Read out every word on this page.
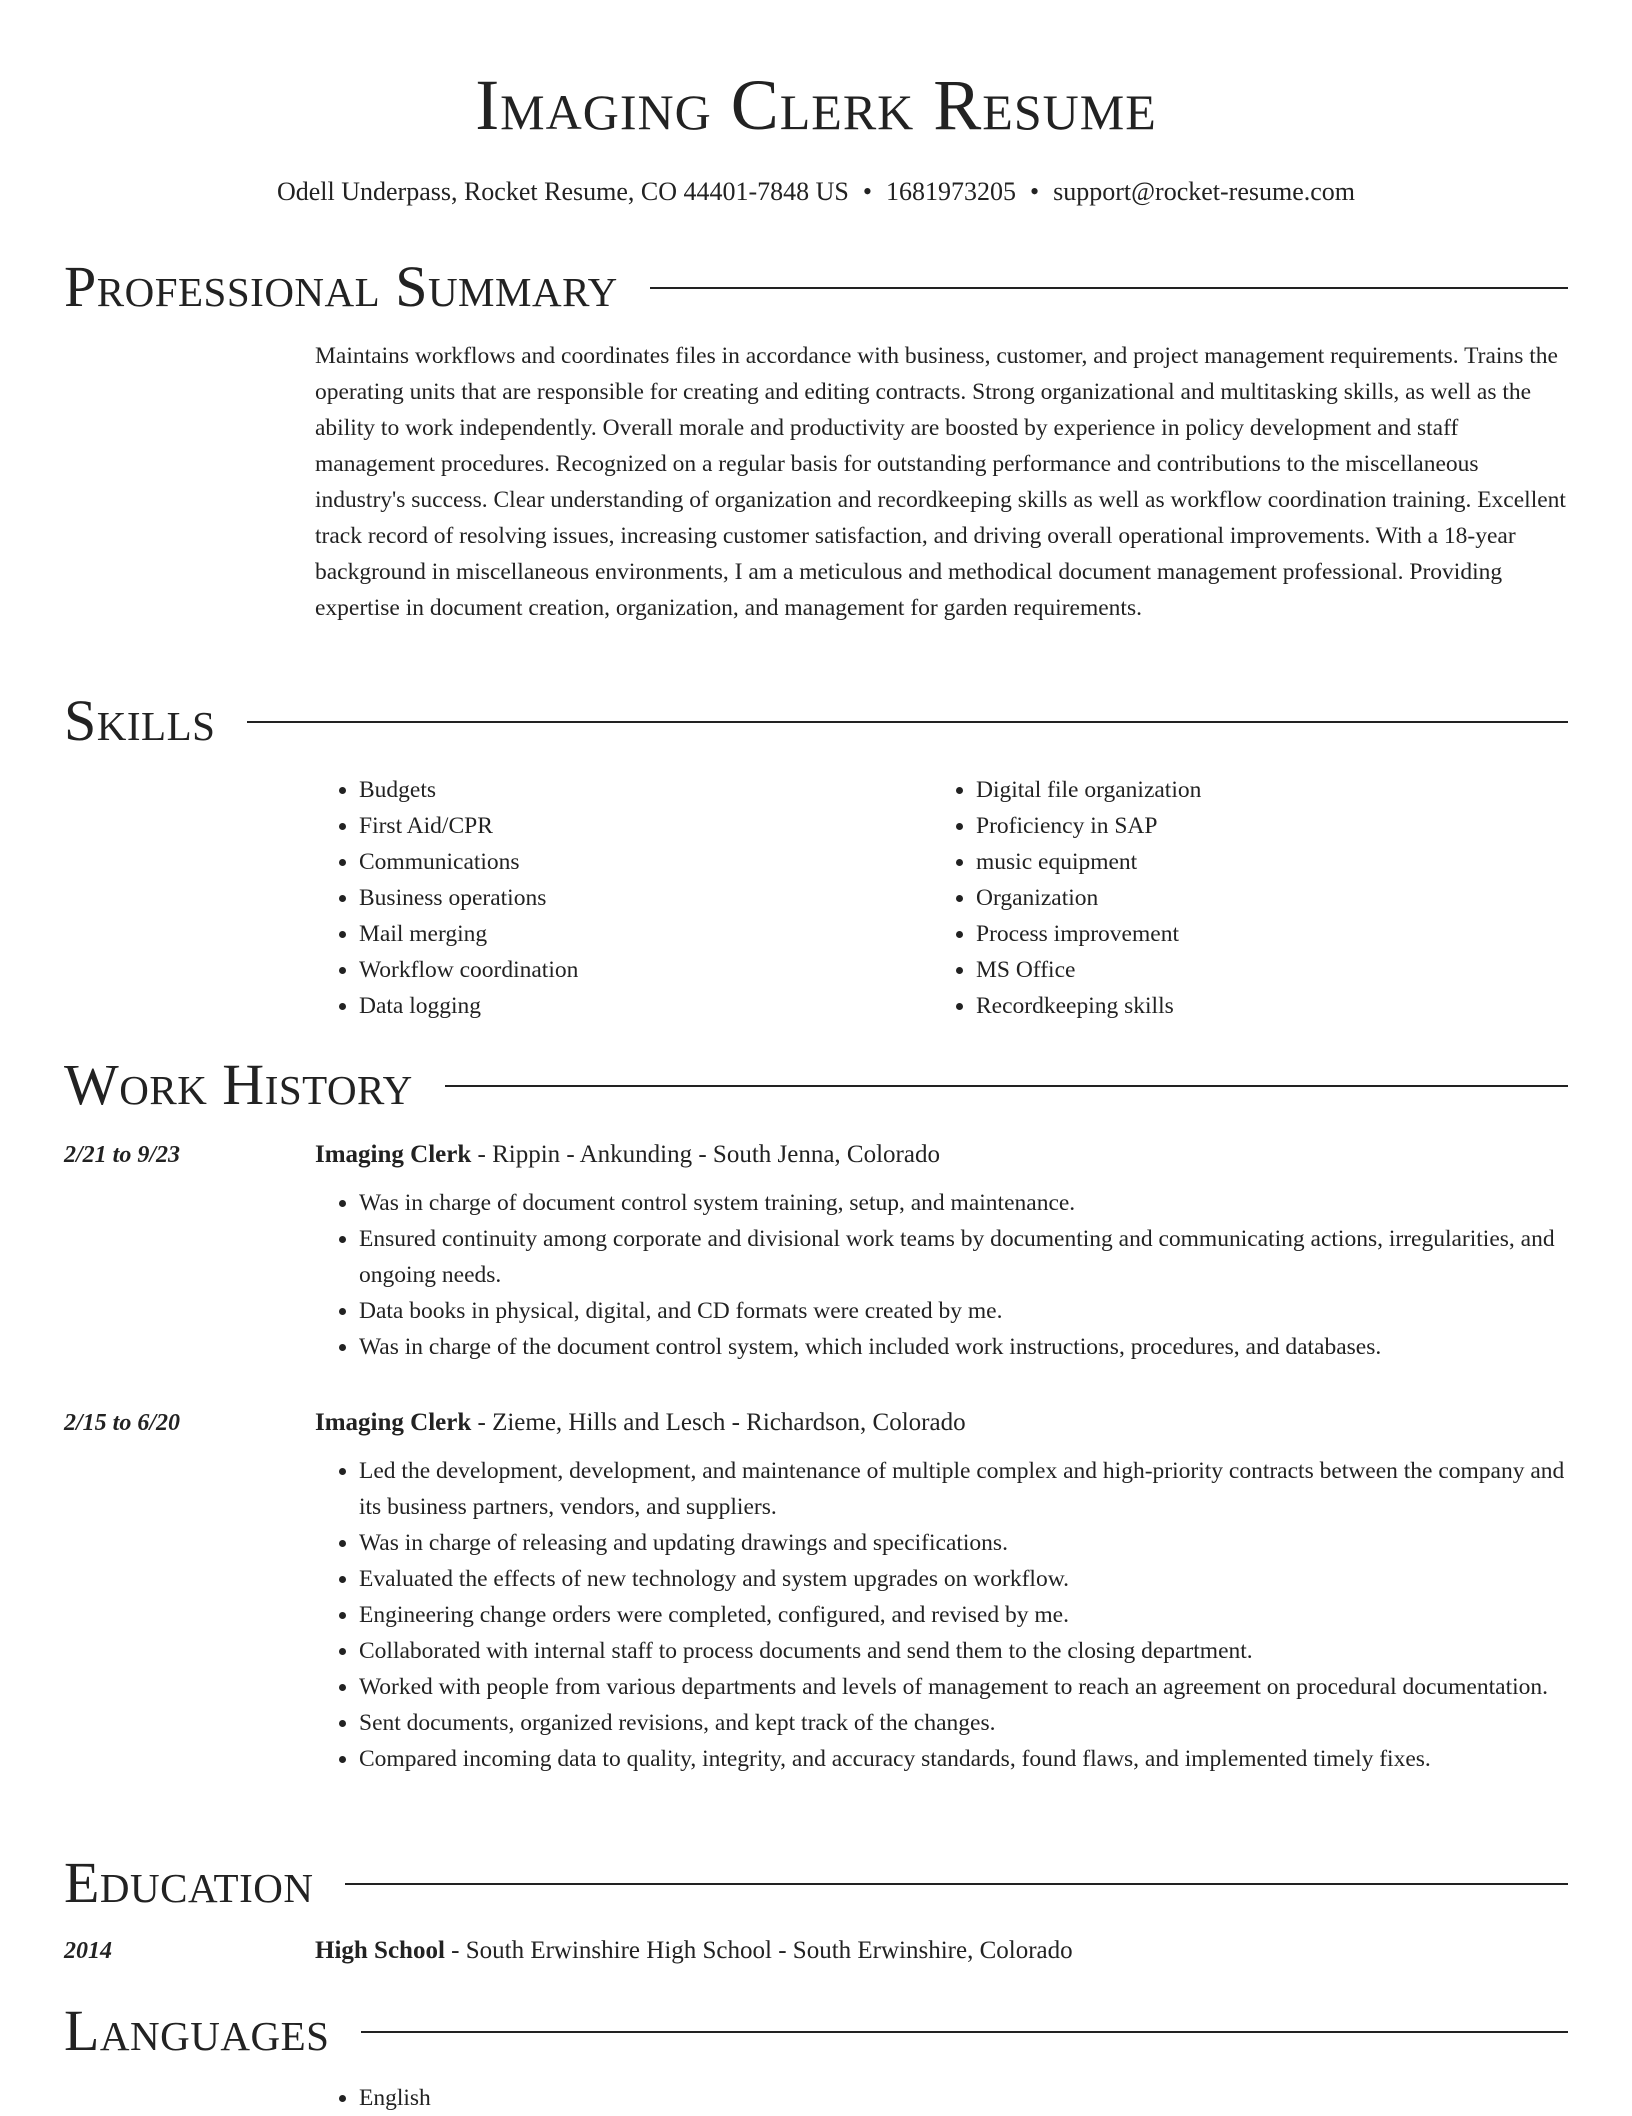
Imaging Clerk Resume
Odell Underpass, Rocket Resume, CO 44401-7848 US • 1681973205 • support@rocket-resume.com
Professional Summary

Maintains workflows and coordinates files in accordance with business, customer, and project management requirements. Trains the operating units that are responsible for creating and editing contracts. Strong organizational and multitasking skills, as well as the ability to work independently. Overall morale and productivity are boosted by experience in policy development and staff management procedures. Recognized on a regular basis for outstanding performance and contributions to the miscellaneous industry's success. Clear understanding of organization and recordkeeping skills as well as workflow coordination training. Excellent track record of resolving issues, increasing customer satisfaction, and driving overall operational improvements. With a 18-year background in miscellaneous environments, I am a meticulous and methodical document management professional. Providing expertise in document creation, organization, and management for garden requirements.

Skills
• Budgets
• First Aid/CPR
• Communications
• Business operations
• Mail merging
• Workflow coordination
• Data logging
• Digital file organization
• Proficiency in SAP
• music equipment
• Organization
• Process improvement
• MS Office
• Recordkeeping skills
Work History
2/21 to 9/23	Imaging Clerk - Rippin - Ankunding - South Jenna, Colorado
• Was in charge of document control system training, setup, and maintenance.
• Ensured continuity among corporate and divisional work teams by documenting and communicating actions, irregularities, and ongoing needs.
• Data books in physical, digital, and CD formats were created by me.
• Was in charge of the document control system, which included work instructions, procedures, and databases.
2/15 to 6/20	Imaging Clerk - Zieme, Hills and Lesch - Richardson, Colorado
• Led the development, development, and maintenance of multiple complex and high-priority contracts between the company and its business partners, vendors, and suppliers.
• Was in charge of releasing and updating drawings and specifications.
• Evaluated the effects of new technology and system upgrades on workflow.
• Engineering change orders were completed, configured, and revised by me.
• Collaborated with internal staff to process documents and send them to the closing department.
• Worked with people from various departments and levels of management to reach an agreement on procedural documentation.
• Sent documents, organized revisions, and kept track of the changes.
• Compared incoming data to quality, integrity, and accuracy standards, found flaws, and implemented timely fixes.
Education
2014	High School - South Erwinshire High School - South Erwinshire, Colorado
Languages
• English
